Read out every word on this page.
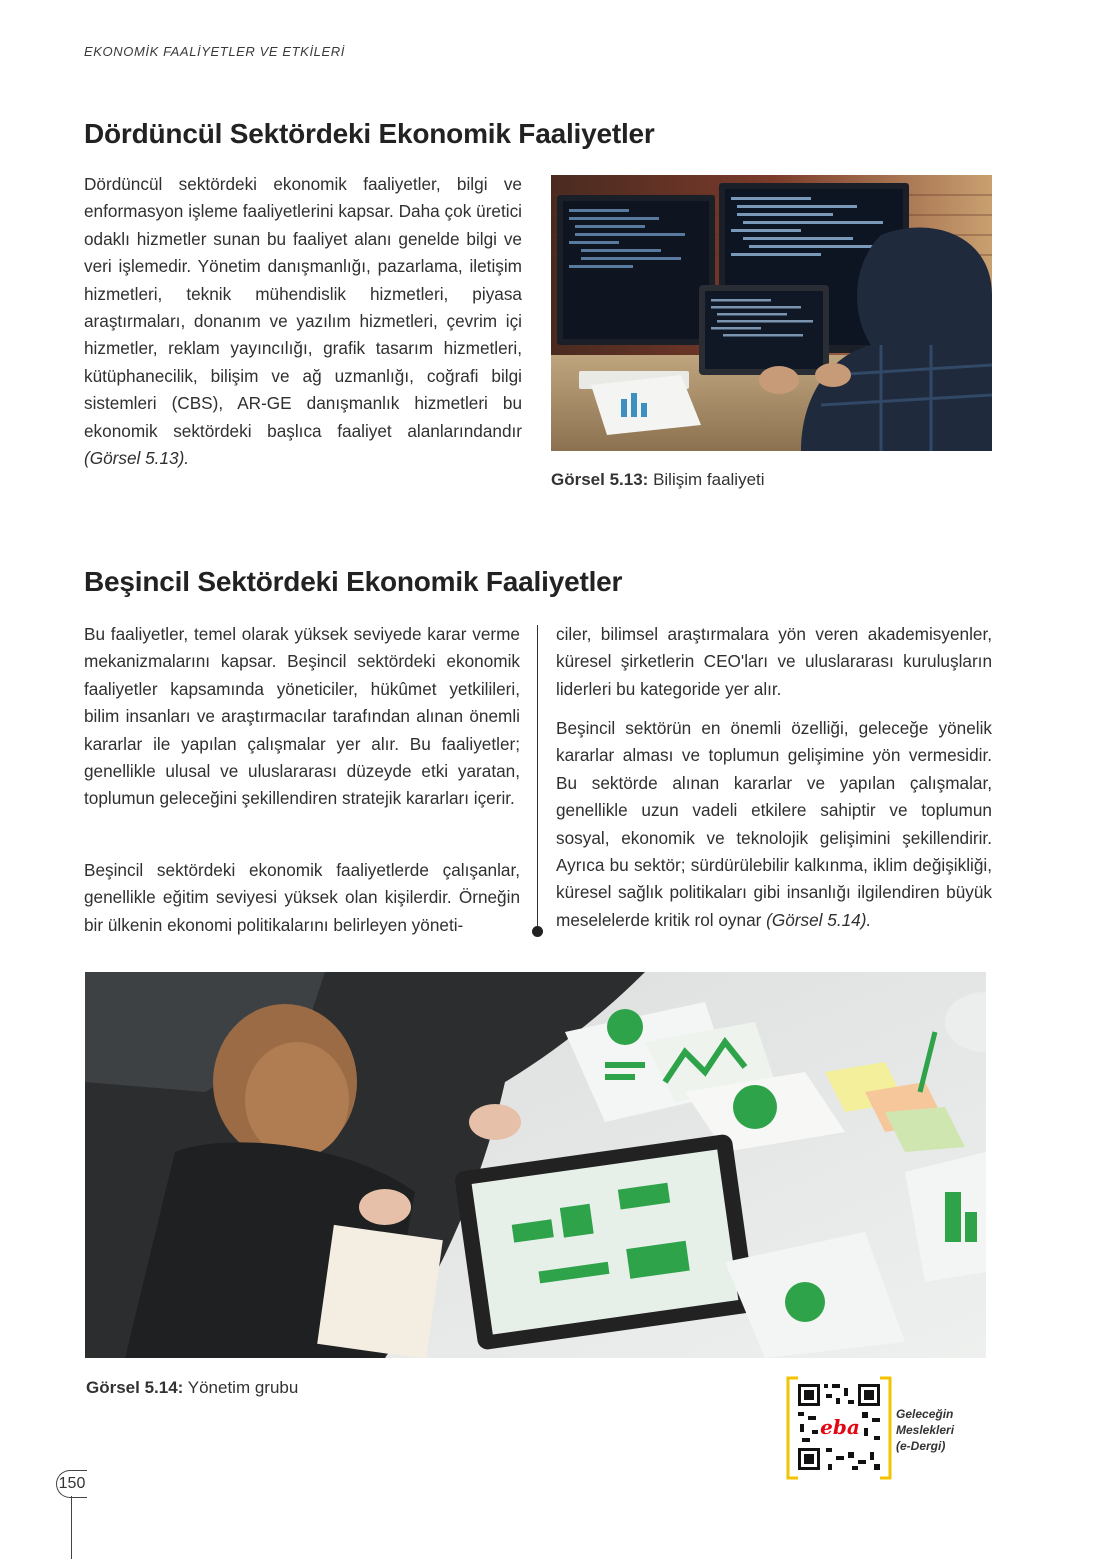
EKONOMİK FAALİYETLER VE ETKİLERİ
Dördüncül Sektördeki Ekonomik Faaliyetler

Dördüncül sektördeki ekonomik faaliyetler, bilgi ve enformasyon işleme faaliyetlerini kapsar. Daha çok üretici odaklı hizmetler sunan bu faaliyet alanı genelde bilgi ve veri işlemedir. Yönetim danışmanlığı, pazarlama, iletişim hizmetleri, teknik mühendislik hizmetleri, piyasa araştırmaları, donanım ve yazılım hizmetleri, çevrim içi hizmetler, reklam yayıncılığı, grafik tasarım hizmetleri, kütüphanecilik, bilişim ve ağ uzmanlığı, coğrafi bilgi sistemleri (CBS), AR-GE danışmanlık hizmetleri bu ekonomik sektördeki başlıca faaliyet alanlarındandır (Görsel 5.13).

Görsel 5.13: Bilişim faaliyeti
Beşincil Sektördeki Ekonomik Faaliyetler

Bu faaliyetler, temel olarak yüksek seviyede karar verme mekanizmalarını kapsar. Beşincil sektördeki ekonomik faaliyetler kapsamında yöneticiler, hükûmet yetkilileri, bilim insanları ve araştırmacılar tarafından alınan önemli kararlar ile yapılan çalışmalar yer alır. Bu faaliyetler; genellikle ulusal ve uluslararası düzeyde etki yaratan, toplumun geleceğini şekillendiren stratejik kararları içerir.

Beşincil sektördeki ekonomik faaliyetlerde çalışanlar, genellikle eğitim seviyesi yüksek olan kişilerdir. Örneğin bir ülkenin ekonomi politikalarını belirleyen yöneti-

ciler, bilimsel araştırmalara yön veren akademisyenler, küresel şirketlerin CEO'ları ve uluslararası kuruluşların liderleri bu kategoride yer alır.

Beşincil sektörün en önemli özelliği, geleceğe yönelik kararlar alması ve toplumun gelişimine yön vermesidir. Bu sektörde alınan kararlar ve yapılan çalışmalar, genellikle uzun vadeli etkilere sahiptir ve toplumun sosyal, ekonomik ve teknolojik gelişimini şekillendirir. Ayrıca bu sektör; sürdürülebilir kalkınma, iklim değişikliği, küresel sağlık politikaları gibi insanlığı ilgilendiren büyük meselelerde kritik rol oynar (Görsel 5.14).

Görsel 5.14: Yönetim grubu
eba
Geleceğin
Meslekleri
(e-Dergi)
150
